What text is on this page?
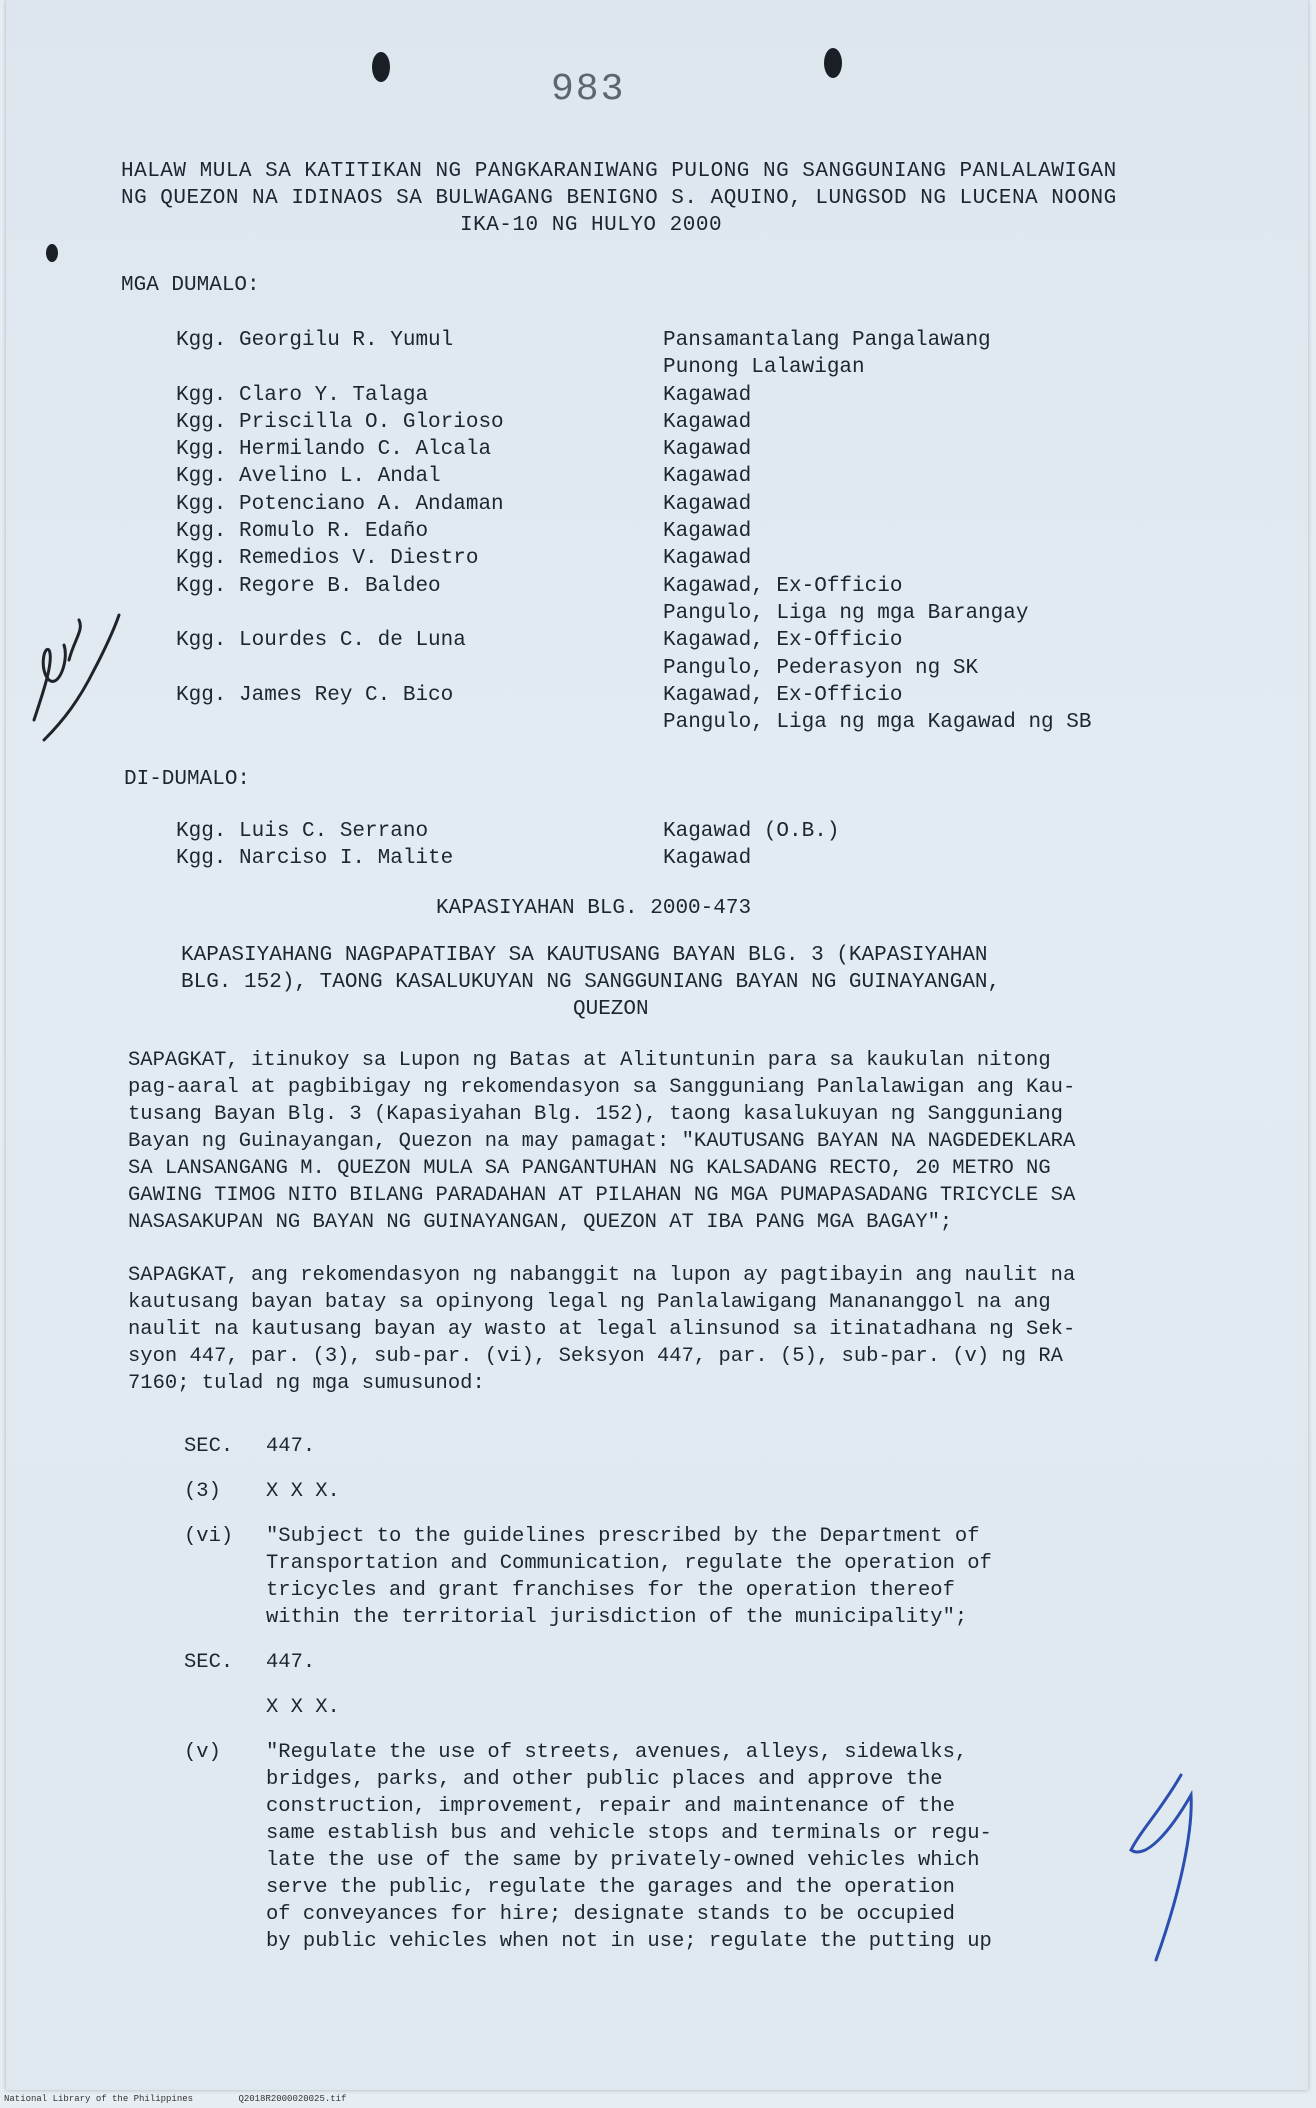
983
HALAW MULA SA KATITIKAN NG PANGKARANIWANG PULONG NG SANGGUNIANG PANLALAWIGAN
NG QUEZON NA IDINAOS SA BULWAGANG BENIGNO S. AQUINO, LUNGSOD NG LUCENA NOONG
IKA-10 NG HULYO 2000
MGA DUMALO:
Kgg. Georgilu R. Yumul	Pansamantalang Pangalawang
Punong Lalawigan
Kgg. Claro Y. Talaga	Kagawad
Kgg. Priscilla O. Glorioso	Kagawad
Kgg. Hermilando C. Alcala	Kagawad
Kgg. Avelino L. Andal	Kagawad
Kgg. Potenciano A. Andaman	Kagawad
Kgg. Romulo R. Edaño	Kagawad
Kgg. Remedios V. Diestro	Kagawad
Kgg. Regore B. Baldeo	Kagawad, Ex-Officio
Pangulo, Liga ng mga Barangay
Kgg. Lourdes C. de Luna	Kagawad, Ex-Officio
Pangulo, Pederasyon ng SK
Kgg. James Rey C. Bico	Kagawad, Ex-Officio
Pangulo, Liga ng mga Kagawad ng SB
DI-DUMALO:
Kgg. Luis C. Serrano	Kagawad (O.B.)
Kgg. Narciso I. Malite	Kagawad
KAPASIYAHAN BLG. 2000-473
KAPASIYAHANG NAGPAPATIBAY SA KAUTUSANG BAYAN BLG. 3 (KAPASIYAHAN
BLG. 152), TAONG KASALUKUYAN NG SANGGUNIANG BAYAN NG GUINAYANGAN,
QUEZON
SAPAGKAT, itinukoy sa Lupon ng Batas at Alituntunin para sa kaukulan nitong
pag-aaral at pagbibigay ng rekomendasyon sa Sangguniang Panlalawigan ang Kau-
tusang Bayan Blg. 3 (Kapasiyahan Blg. 152), taong kasalukuyan ng Sangguniang
Bayan ng Guinayangan, Quezon na may pamagat: "KAUTUSANG BAYAN NA NAGDEDEKLARA
SA LANSANGANG M. QUEZON MULA SA PANGANTUHAN NG KALSADANG RECTO, 20 METRO NG
GAWING TIMOG NITO BILANG PARADAHAN AT PILAHAN NG MGA PUMAPASADANG TRICYCLE SA
NASASAKUPAN NG BAYAN NG GUINAYANGAN, QUEZON AT IBA PANG MGA BAGAY";
SAPAGKAT, ang rekomendasyon ng nabanggit na lupon ay pagtibayin ang naulit na
kautusang bayan batay sa opinyong legal ng Panlalawigang Manananggol na ang
naulit na kautusang bayan ay wasto at legal alinsunod sa itinatadhana ng Sek-
syon 447, par. (3), sub-par. (vi), Seksyon 447, par. (5), sub-par. (v) ng RA
7160; tulad ng mga sumusunod:
SEC.	447.
(3)	X X X.
(vi)	"Subject to the guidelines prescribed by the Department of
Transportation and Communication, regulate the operation of
tricycles and grant franchises for the operation thereof
within the territorial jurisdiction of the municipality";
SEC.	447.
X X X.
(v)	"Regulate the use of streets, avenues, alleys, sidewalks,
bridges, parks, and other public places and approve the
construction, improvement, repair and maintenance of the
same establish bus and vehicle stops and terminals or regu-
late the use of the same by privately-owned vehicles which
serve the public, regulate the garages and the operation
of conveyances for hire; designate stands to be occupied
by public vehicles when not in use; regulate the putting up
National Library of the Philippines	Q2018R2000020025.tif
